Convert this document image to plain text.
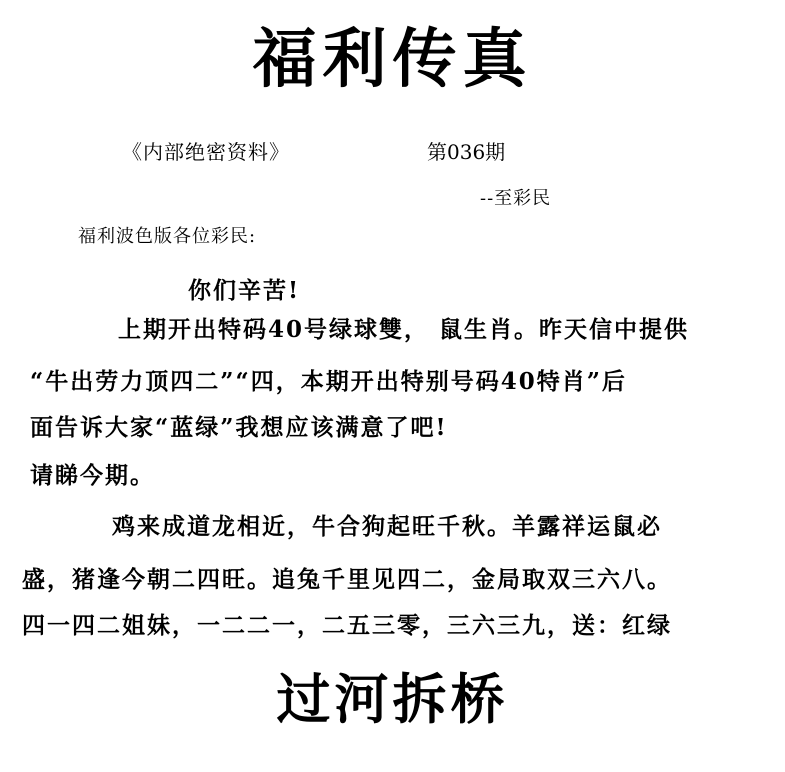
福利传真
《内部绝密资料》	第036期
--至彩民
福利波色版各位彩民:
你们辛苦!
上期开出特码40号绿球雙， 鼠生肖。昨天信中提供
“牛出劳力顶四二”“四，本期开出特别号码40特肖”后
面告诉大家“蓝绿”我想应该满意了吧!
请睇今期。
鸡来成道龙相近，牛合狗起旺千秋。羊露祥运鼠必
盛，猪逢今朝二四旺。追兔千里见四二，金局取双三六八。
四一四二姐妹，一二二一，二五三零，三六三九，送：红绿
过河拆桥
